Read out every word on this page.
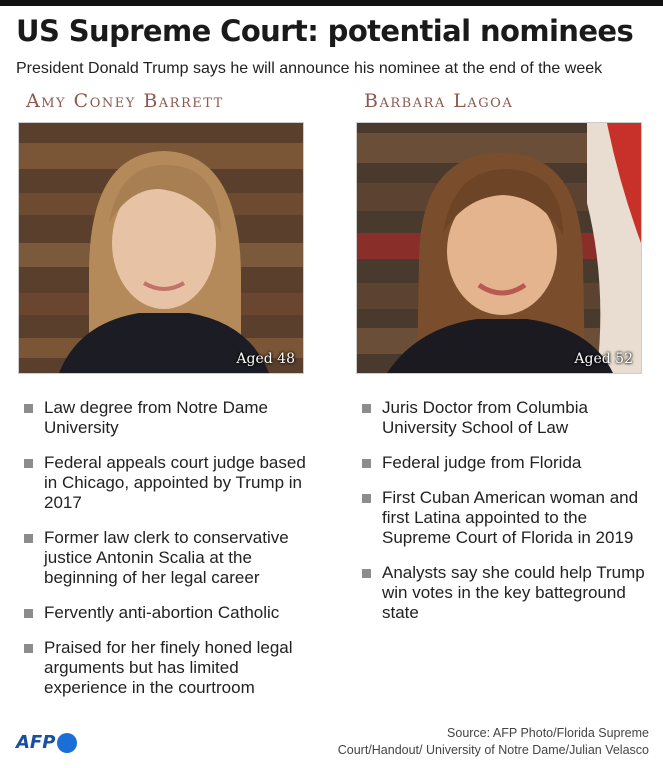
US Supreme Court: potential nominees
President Donald Trump says he will announce his nominee at the end of the week
Amy Coney Barrett
Aged 48
Law degree from Notre Dame University
Federal appeals court judge based in Chicago, appointed by Trump in 2017
Former law clerk to conservative justice Antonin Scalia at the beginning of her legal career
Fervently anti-abortion Catholic
Praised for her finely honed legal arguments but has limited experience in the courtroom
Barbara Lagoa
Aged 52
Juris Doctor from Columbia University School of Law
Federal judge from Florida
First Cuban American woman and first Latina appointed to the Supreme Court of Florida in 2019
Analysts say she could help Trump win votes in the key batteground state
AFP	Source: AFP Photo/Florida Supreme
Court/Handout/ University of Notre Dame/Julian Velasco
